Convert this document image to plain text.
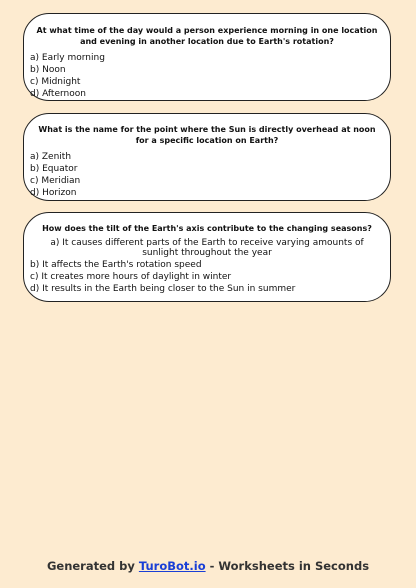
At what time of the day would a person experience morning in one location and evening in another location due to Earth's rotation?

a) Early morning
b) Noon
c) Midnight
d) Afternoon

What is the name for the point where the Sun is directly overhead at noon for a specific location on Earth?

a) Zenith
b) Equator
c) Meridian
d) Horizon

How does the tilt of the Earth's axis contribute to the changing seasons?

a) It causes different parts of the Earth to receive varying amounts of sunlight throughout the year
b) It affects the Earth's rotation speed
c) It creates more hours of daylight in winter
d) It results in the Earth being closer to the Sun in summer
Generated by TuroBot.io - Worksheets in Seconds
